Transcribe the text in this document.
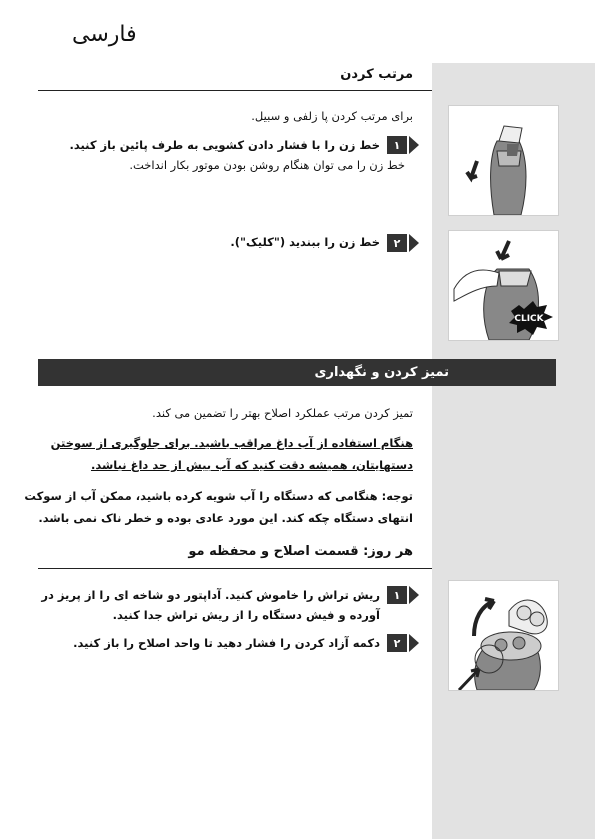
فارسی
مرتب کردن
برای مرتب کردن پا زلفی و سبیل.
۱
خط زن را با فشار دادن کشویی به طرف پائین باز کنید.
خط زن را می توان هنگام روشن بودن موتور بکار انداخت.
۲
خط زن را ببندید ("کلیک").
CLICK
تمیز کردن و نگهداری
تمیز کردن مرتب عملکرد اصلاح بهتر را تضمین می کند.
هنگام استفاده از آب داغ مراقب باشید. برای جلوگیری از سوختن
دستهایتان، همیشه دقت کنید که آب بیش از حد داغ نباشد.
توجه: هنگامی که دستگاه را آب شویه کرده باشید، ممکن آب از سوکت
انتهای دستگاه چکه کند. این مورد عادی بوده و خطر ناک نمی باشد.
هر روز: قسمت اصلاح و محفظه مو
۱
ریش تراش را خاموش کنید. آداپتور دو شاخه ای را از پریز در
آورده و فیش دستگاه را از ریش تراش جدا کنید.
۲
دکمه آزاد کردن را فشار دهید تا واحد اصلاح را باز کنید.
